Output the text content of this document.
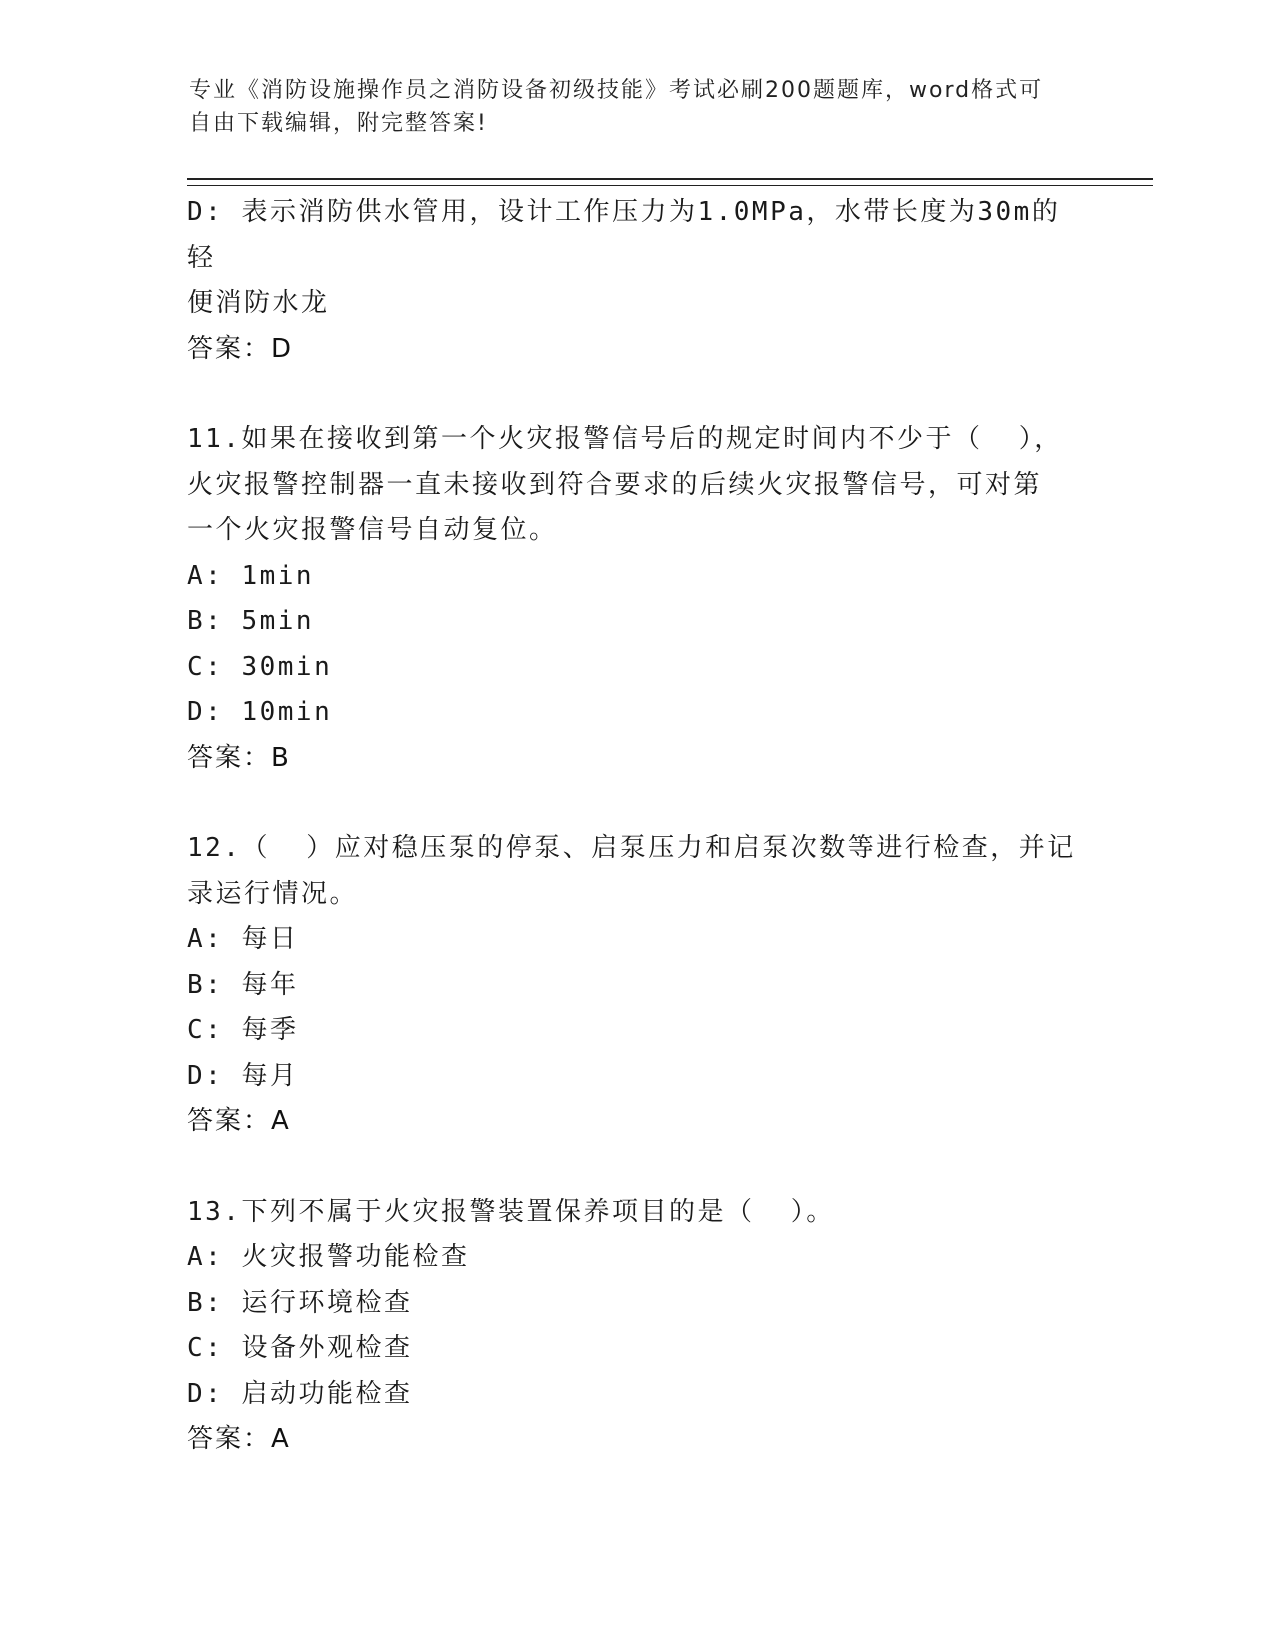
专业《消防设施操作员之消防设备初级技能》考试必刷200题题库，word格式可
自由下载编辑，附完整答案!
D: 表示消防供水管用，设计工作压力为1.0MPa，水带长度为30m的轻
便消防水龙
答案：D
11.如果在接收到第一个火灾报警信号后的规定时间内不少于（  ），
火灾报警控制器一直未接收到符合要求的后续火灾报警信号，可对第
一个火灾报警信号自动复位。
A: 1min
B: 5min
C: 30min
D: 10min
答案：B
12.（  ）应对稳压泵的停泵、启泵压力和启泵次数等进行检查，并记
录运行情况。
A: 每日
B: 每年
C: 每季
D: 每月
答案：A
13.下列不属于火灾报警装置保养项目的是（  ）。
A: 火灾报警功能检查
B: 运行环境检查
C: 设备外观检查
D: 启动功能检查
答案：A
